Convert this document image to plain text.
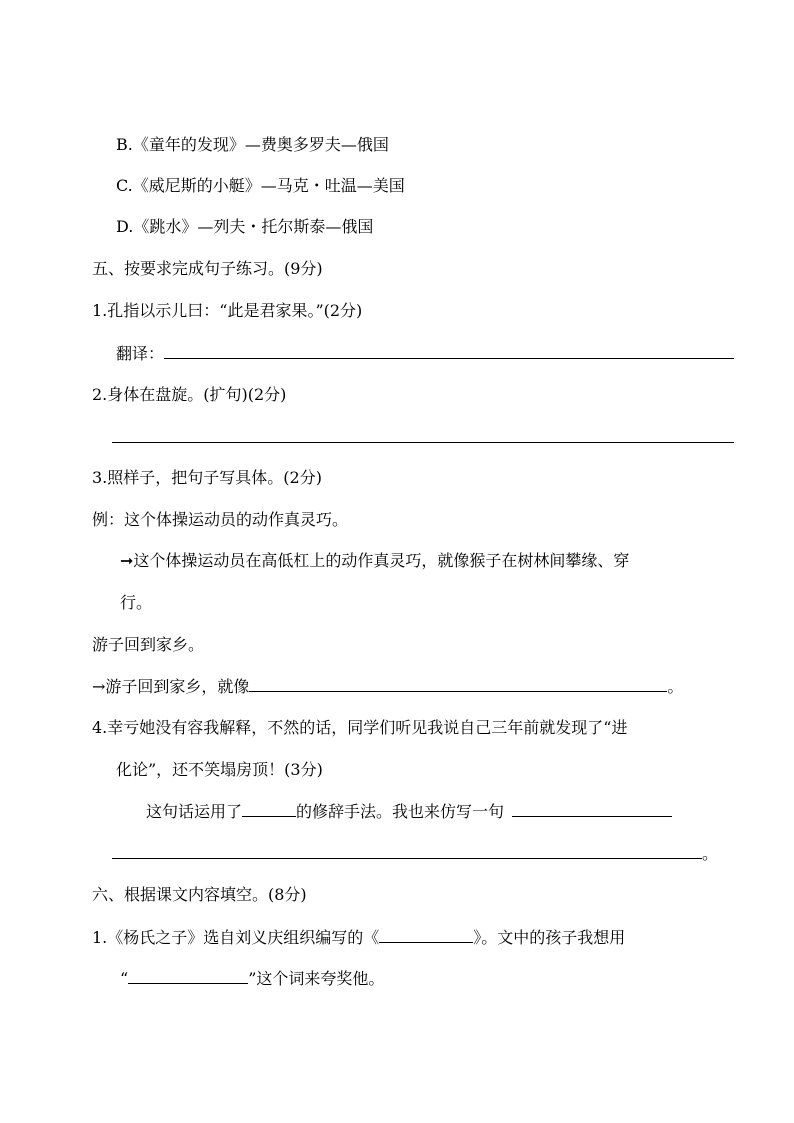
B.《童年的发现》—费奥多罗夫—俄国
C.《威尼斯的小艇》—马克・吐温—美国
D.《跳水》—列夫・托尔斯泰—俄国
五、按要求完成句子练习。(9分)
1.孔指以示儿曰：“此是君家果。”(2分)
翻译：
2.身体在盘旋。(扩句)(2分)
3.照样子，把句子写具体。(2分)
例：这个体操运动员的动作真灵巧。
➞这个体操运动员在高低杠上的动作真灵巧，就像猴子在树林间攀缘、穿
行。
游子回到家乡。
→游子回到家乡，就像	。
4.幸亏她没有容我解释，不然的话，同学们听见我说自己三年前就发现了“进
化论”，还不笑塌房顶！(3分)
这句话运用了	的修辞手法。我也来仿写一句
。
六、根据课文内容填空。(8分)
1.《杨氏之子》选自刘义庆组织编写的《	》。文中的孩子我想用
“	”这个词来夸奖他。
